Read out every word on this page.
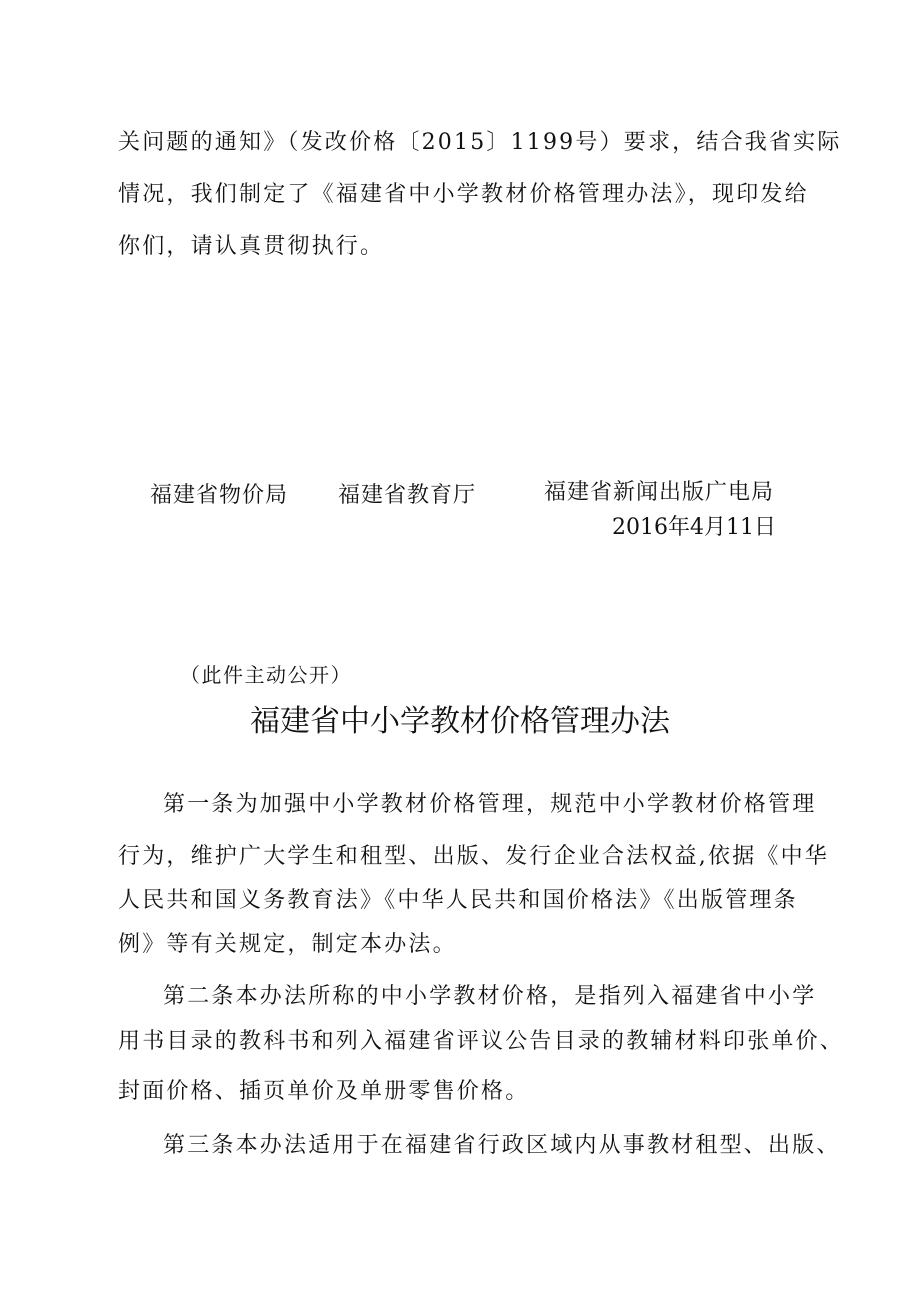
关问题的通知》（发改价格〔2015〕1199号）要求，结合我省实际
情况，我们制定了《福建省中小学教材价格管理办法》，现印发给
你们，请认真贯彻执行。
福建省物价局 福建省教育厅	福建省新闻出版广电局
2016年4月11日
（此件主动公开）
福建省中小学教材价格管理办法
第一条为加强中小学教材价格管理，规范中小学教材价格管理
行为，维护广大学生和租型、出版、发行企业合法权益,依据《中华
人民共和国义务教育法》《中华人民共和国价格法》《出版管理条
例》等有关规定，制定本办法。
第二条本办法所称的中小学教材价格，是指列入福建省中小学
用书目录的教科书和列入福建省评议公告目录的教辅材料印张单价、
封面价格、插页单价及单册零售价格。
第三条本办法适用于在福建省行政区域内从事教材租型、出版、
